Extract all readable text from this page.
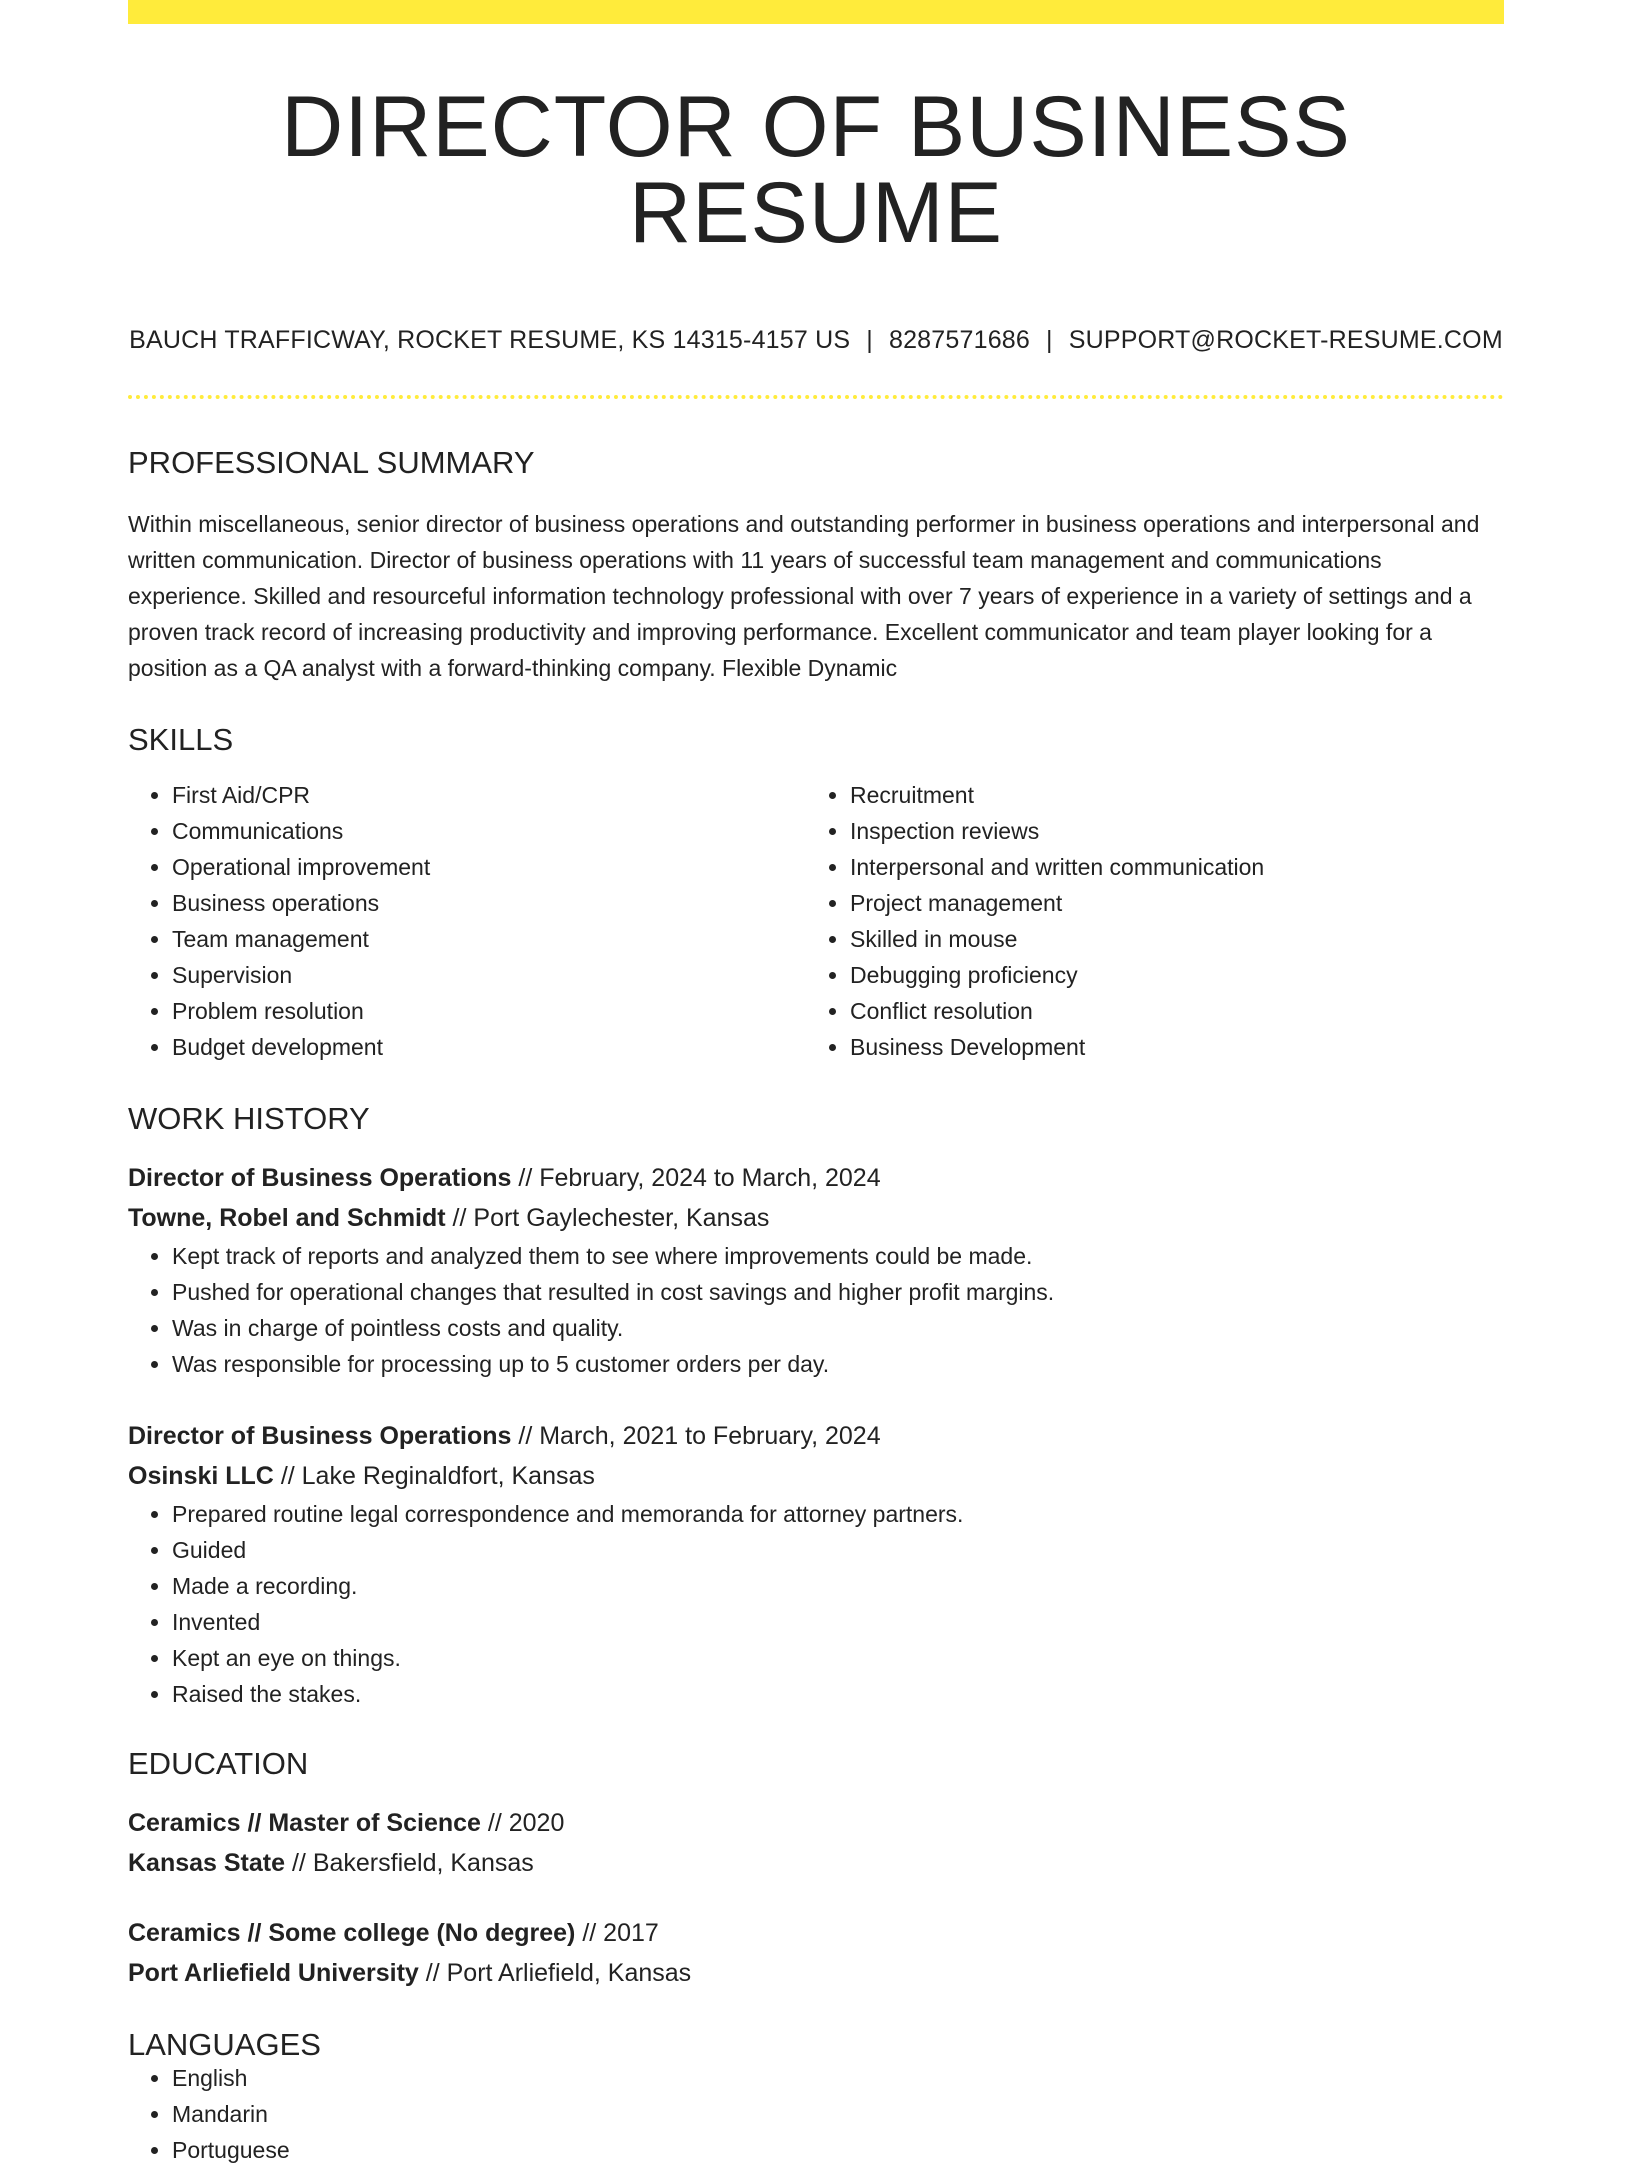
DIRECTOR OF BUSINESS RESUME
BAUCH TRAFFICWAY, ROCKET RESUME, KS 14315-4157 US | 8287571686 | SUPPORT@ROCKET-RESUME.COM
PROFESSIONAL SUMMARY
Within miscellaneous, senior director of business operations and outstanding performer in business operations and interpersonal and written communication. Director of business operations with 11 years of successful team management and communications experience. Skilled and resourceful information technology professional with over 7 years of experience in a variety of settings and a proven track record of increasing productivity and improving performance. Excellent communicator and team player looking for a position as a QA analyst with a forward-thinking company. Flexible Dynamic
SKILLS
• First Aid/CPR
• Communications
• Operational improvement
• Business operations
• Team management
• Supervision
• Problem resolution
• Budget development
• Recruitment
• Inspection reviews
• Interpersonal and written communication
• Project management
• Skilled in mouse
• Debugging proficiency
• Conflict resolution
• Business Development
WORK HISTORY
Director of Business Operations // February, 2024 to March, 2024
Towne, Robel and Schmidt // Port Gaylechester, Kansas
• Kept track of reports and analyzed them to see where improvements could be made.
• Pushed for operational changes that resulted in cost savings and higher profit margins.
• Was in charge of pointless costs and quality.
• Was responsible for processing up to 5 customer orders per day.
Director of Business Operations // March, 2021 to February, 2024
Osinski LLC // Lake Reginaldfort, Kansas
• Prepared routine legal correspondence and memoranda for attorney partners.
• Guided
• Made a recording.
• Invented
• Kept an eye on things.
• Raised the stakes.
EDUCATION
Ceramics // Master of Science // 2020
Kansas State // Bakersfield, Kansas
Ceramics // Some college (No degree) // 2017
Port Arliefield University // Port Arliefield, Kansas
LANGUAGES
• English
• Mandarin
• Portuguese
